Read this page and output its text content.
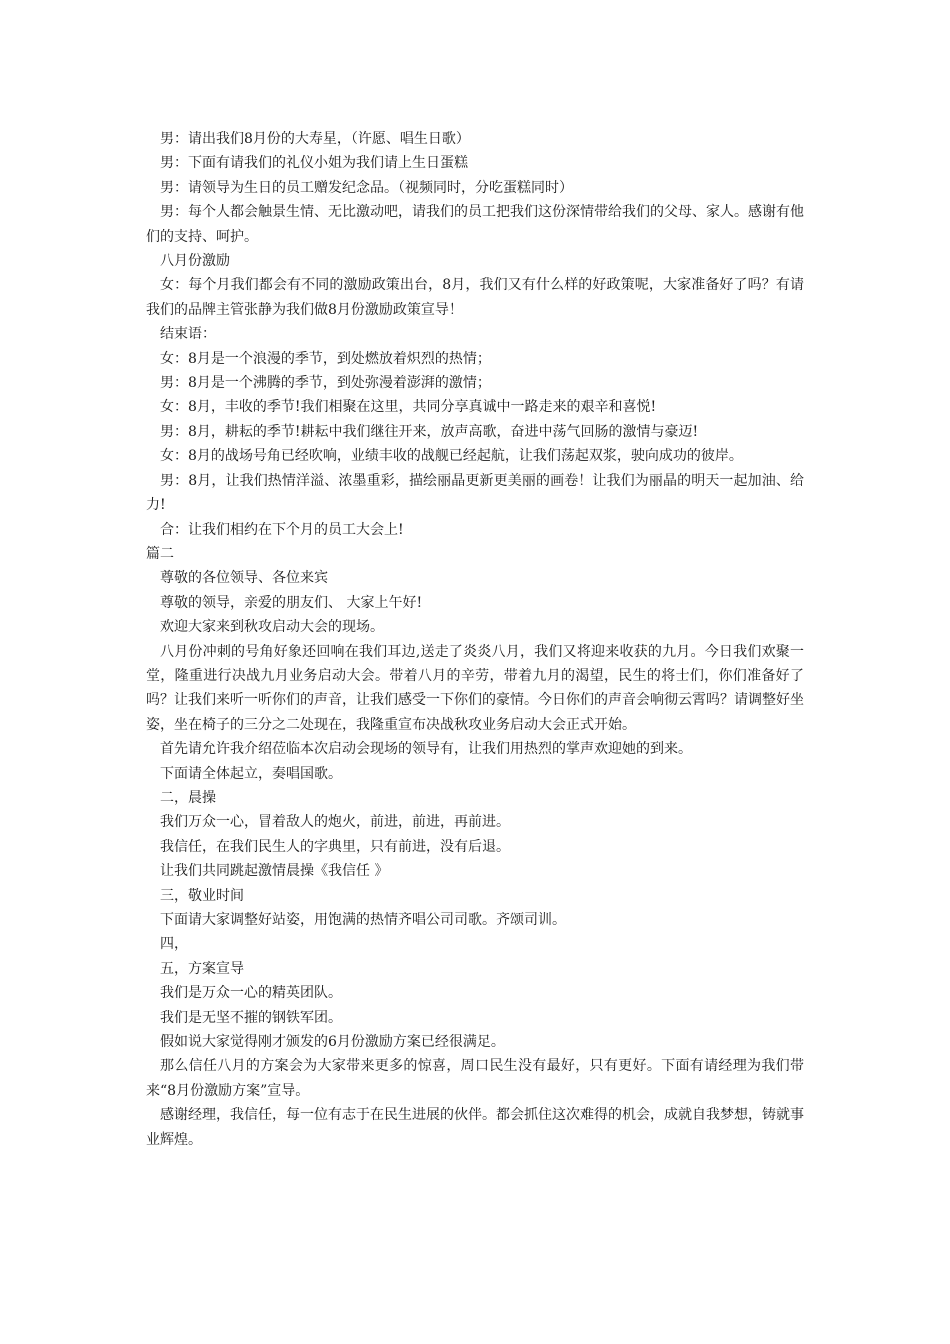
男：请出我们8月份的大寿星，（许愿、唱生日歌）

男：下面有请我们的礼仪小姐为我们请上生日蛋糕

男：请领导为生日的员工赠发纪念品。（视频同时，分吃蛋糕同时）

男：每个人都会触景生情、无比激动吧，请我们的员工把我们这份深情带给我们的父母、家人。感谢有他们的支持、呵护。

八月份激励

女：每个月我们都会有不同的激励政策出台，8月，我们又有什么样的好政策呢，大家准备好了吗？有请我们的品牌主管张静为我们做8月份激励政策宣导！

结束语：

女：8月是一个浪漫的季节，到处燃放着炽烈的热情；

男：8月是一个沸腾的季节，到处弥漫着澎湃的激情；

女：8月，丰收的季节!我们相聚在这里，共同分享真诚中一路走来的艰辛和喜悦!

男：8月，耕耘的季节!耕耘中我们继往开来，放声高歌，奋进中荡气回肠的激情与豪迈!

女：8月的战场号角已经吹响，业绩丰收的战舰已经起航，让我们荡起双浆，驶向成功的彼岸。

男：8月，让我们热情洋溢、浓墨重彩，描绘丽晶更新更美丽的画卷！让我们为丽晶的明天一起加油、给力!

合：让我们相约在下个月的员工大会上!

篇二

尊敬的各位领导、各位来宾

尊敬的领导，亲爱的朋友们、 大家上午好!

欢迎大家来到秋攻启动大会的现场。

八月份冲刺的号角好象还回响在我们耳边,送走了炎炎八月，我们又将迎来收获的九月。今日我们欢聚一堂，隆重进行决战九月业务启动大会。带着八月的辛劳，带着九月的渴望，民生的将士们，你们准备好了吗？让我们来听一听你们的声音，让我们感受一下你们的豪情。今日你们的声音会响彻云霄吗？请调整好坐姿，坐在椅子的三分之二处现在，我隆重宣布决战秋攻业务启动大会正式开始。

首先请允许我介绍莅临本次启动会现场的领导有，让我们用热烈的掌声欢迎她的到来。

下面请全体起立，奏唱国歌。

二，晨操

我们万众一心，冒着敌人的炮火，前进，前进，再前进。

我信任，在我们民生人的字典里，只有前进，没有后退。

让我们共同跳起激情晨操《我信任 》

三，敬业时间

下面请大家调整好站姿，用饱满的热情齐唱公司司歌。齐颂司训。

四，

五，方案宣导

我们是万众一心的精英团队。

我们是无坚不摧的钢铁军团。

假如说大家觉得刚才颁发的6月份激励方案已经很满足。

那么信任八月的方案会为大家带来更多的惊喜，周口民生没有最好，只有更好。下面有请经理为我们带来“8月份激励方案”宣导。

感谢经理，我信任，每一位有志于在民生进展的伙伴。都会抓住这次难得的机会，成就自我梦想，铸就事业辉煌。
